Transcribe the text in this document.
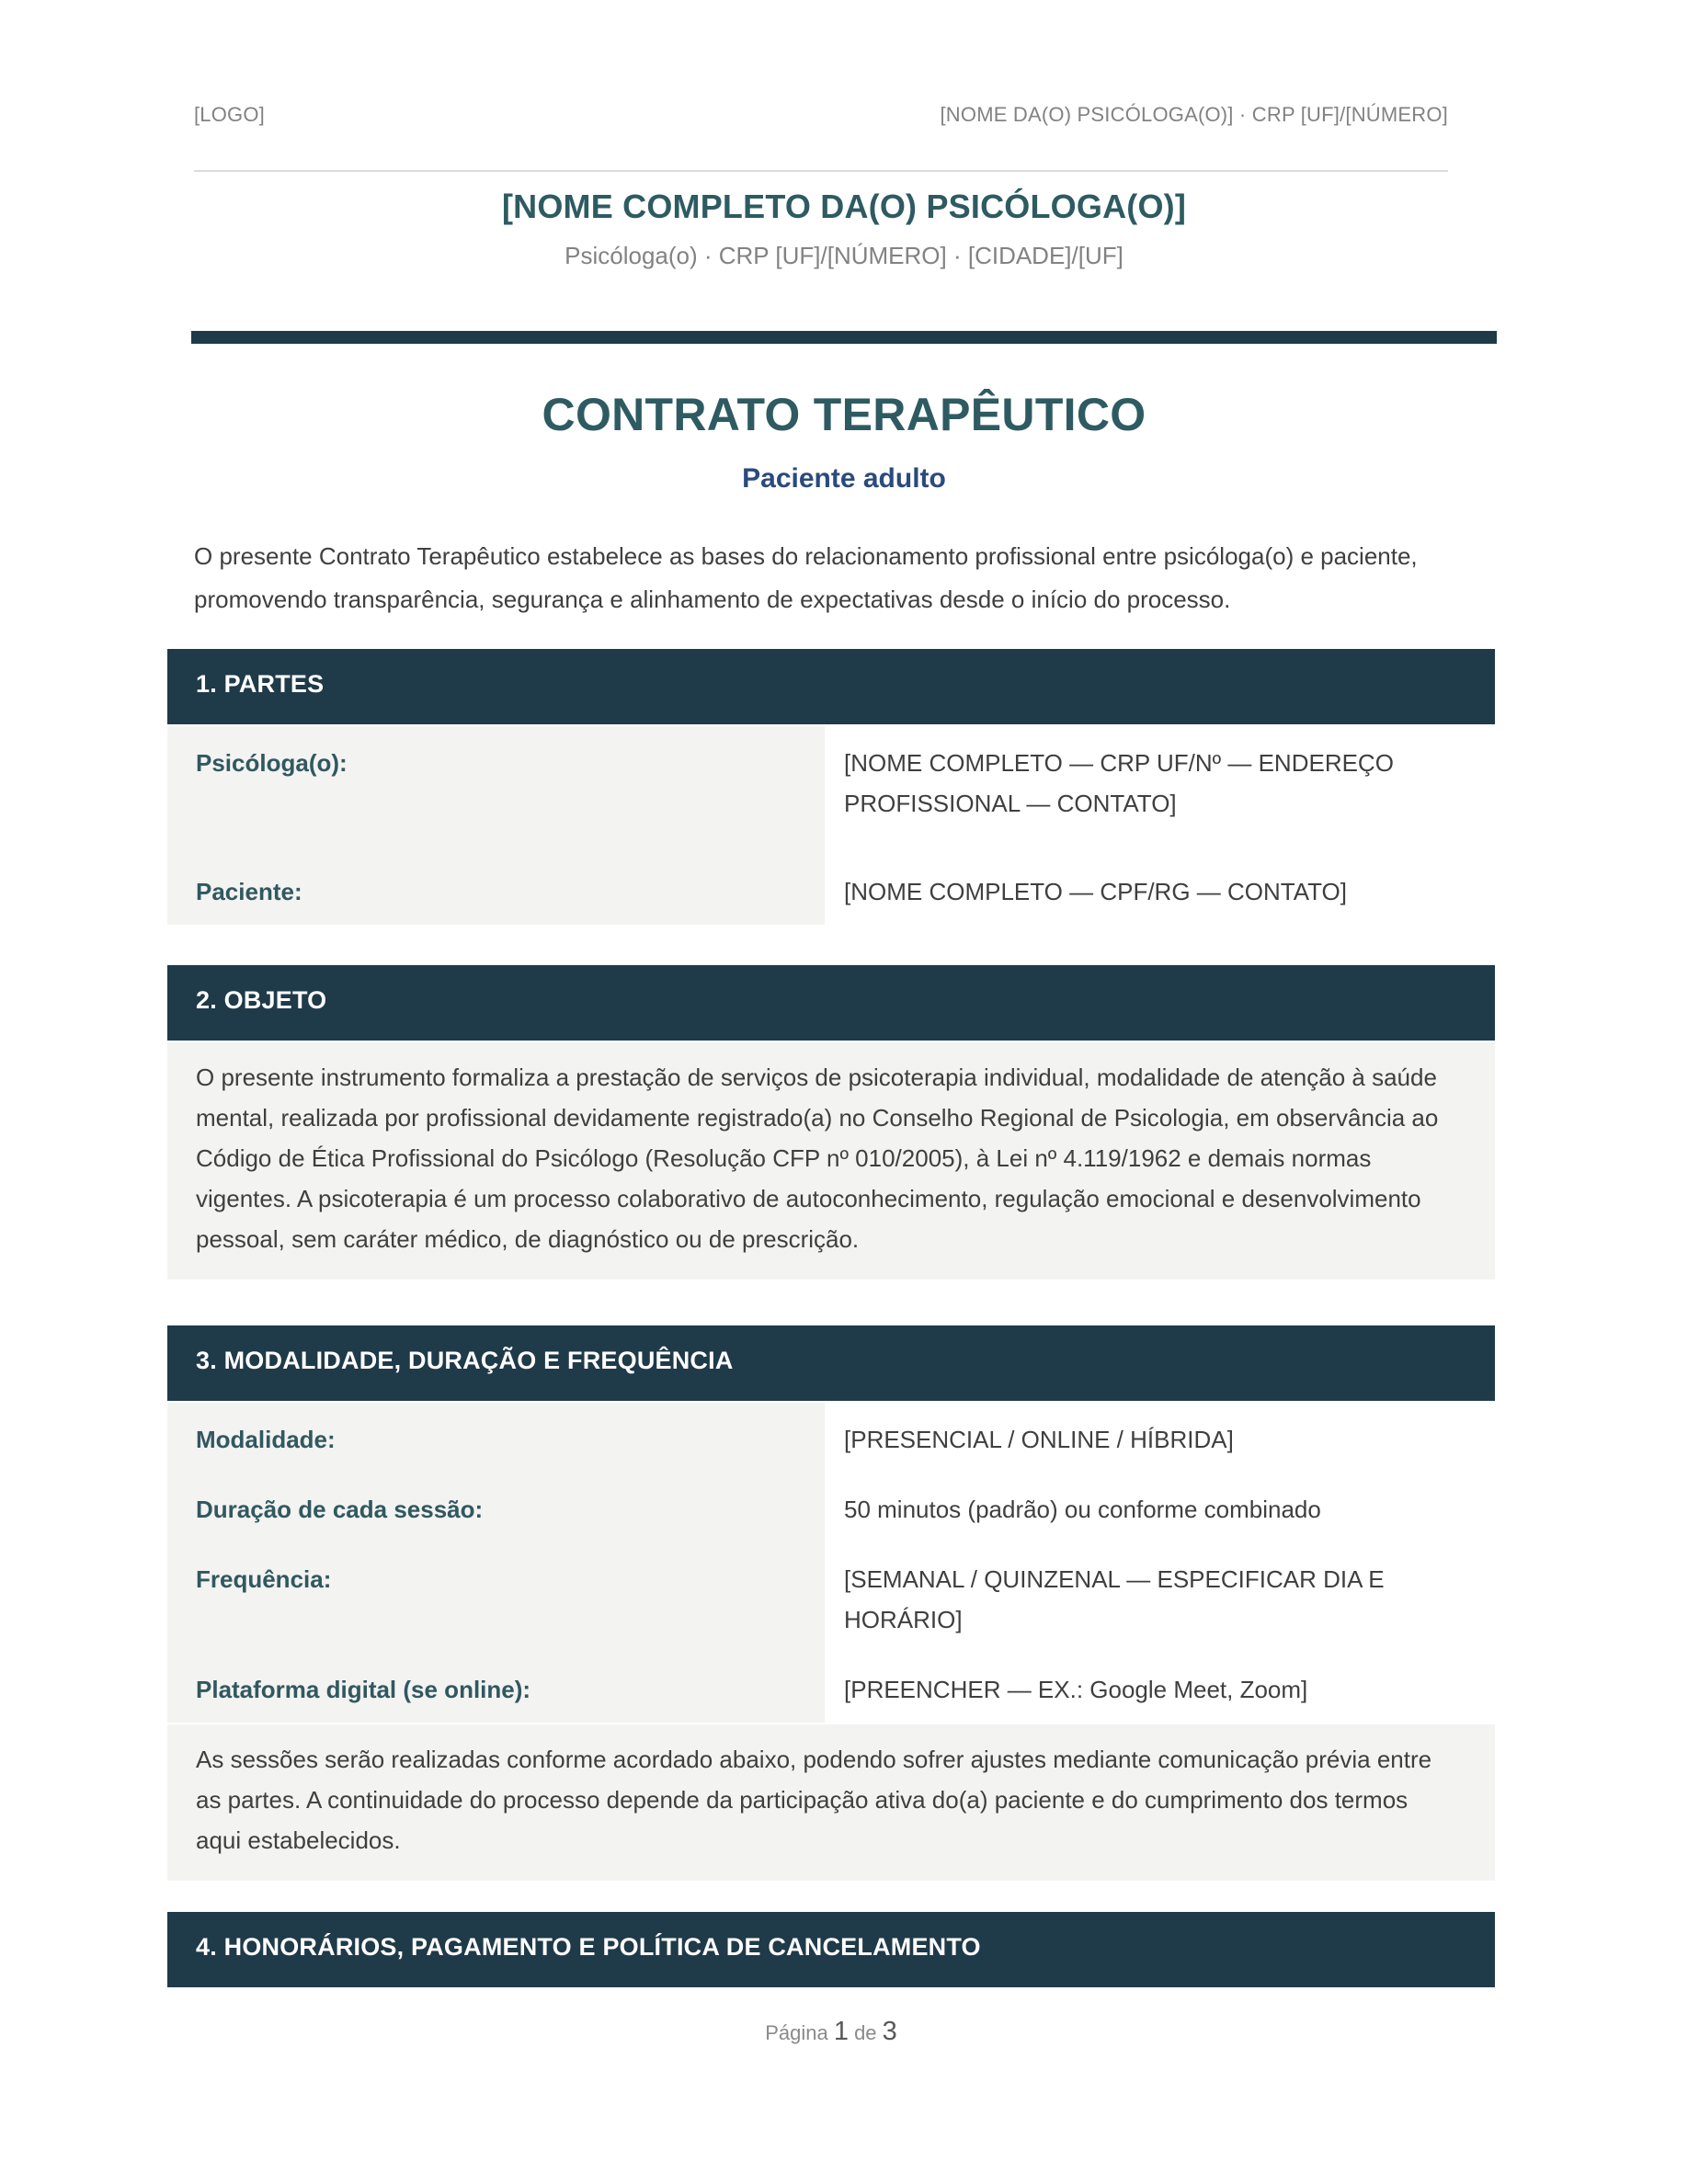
[LOGO]	[NOME DA(O) PSICÓLOGA(O)] · CRP [UF]/[NÚMERO]
[NOME COMPLETO DA(O) PSICÓLOGA(O)]
Psicóloga(o) · CRP [UF]/[NÚMERO] · [CIDADE]/[UF]
CONTRATO TERAPÊUTICO
Paciente adulto

O presente Contrato Terapêutico estabelece as bases do relacionamento profissional entre psicóloga(o) e paciente, promovendo transparência, segurança e alinhamento de expectativas desde o início do processo.

1. PARTES
Psicóloga(o):	[NOME COMPLETO — CRP UF/Nº — ENDEREÇO PROFISSIONAL — CONTATO]
Paciente:	[NOME COMPLETO — CPF/RG — CONTATO]
2. OBJETO
O presente instrumento formaliza a prestação de serviços de psicoterapia individual, modalidade de atenção à saúde mental, realizada por profissional devidamente registrado(a) no Conselho Regional de Psicologia, em observância ao Código de Ética Profissional do Psicólogo (Resolução CFP nº 010/2005), à Lei nº 4.119/1962 e demais normas vigentes. A psicoterapia é um processo colaborativo de autoconhecimento, regulação emocional e desenvolvimento pessoal, sem caráter médico, de diagnóstico ou de prescrição.
3. MODALIDADE, DURAÇÃO E FREQUÊNCIA
Modalidade:	[PRESENCIAL / ONLINE / HÍBRIDA]
Duração de cada sessão:	50 minutos (padrão) ou conforme combinado
Frequência:	[SEMANAL / QUINZENAL — ESPECIFICAR DIA E HORÁRIO]
Plataforma digital (se online):	[PREENCHER — EX.: Google Meet, Zoom]
As sessões serão realizadas conforme acordado abaixo, podendo sofrer ajustes mediante comunicação prévia entre as partes. A continuidade do processo depende da participação ativa do(a) paciente e do cumprimento dos termos aqui estabelecidos.
4. HONORÁRIOS, PAGAMENTO E POLÍTICA DE CANCELAMENTO
Página 1 de 3
